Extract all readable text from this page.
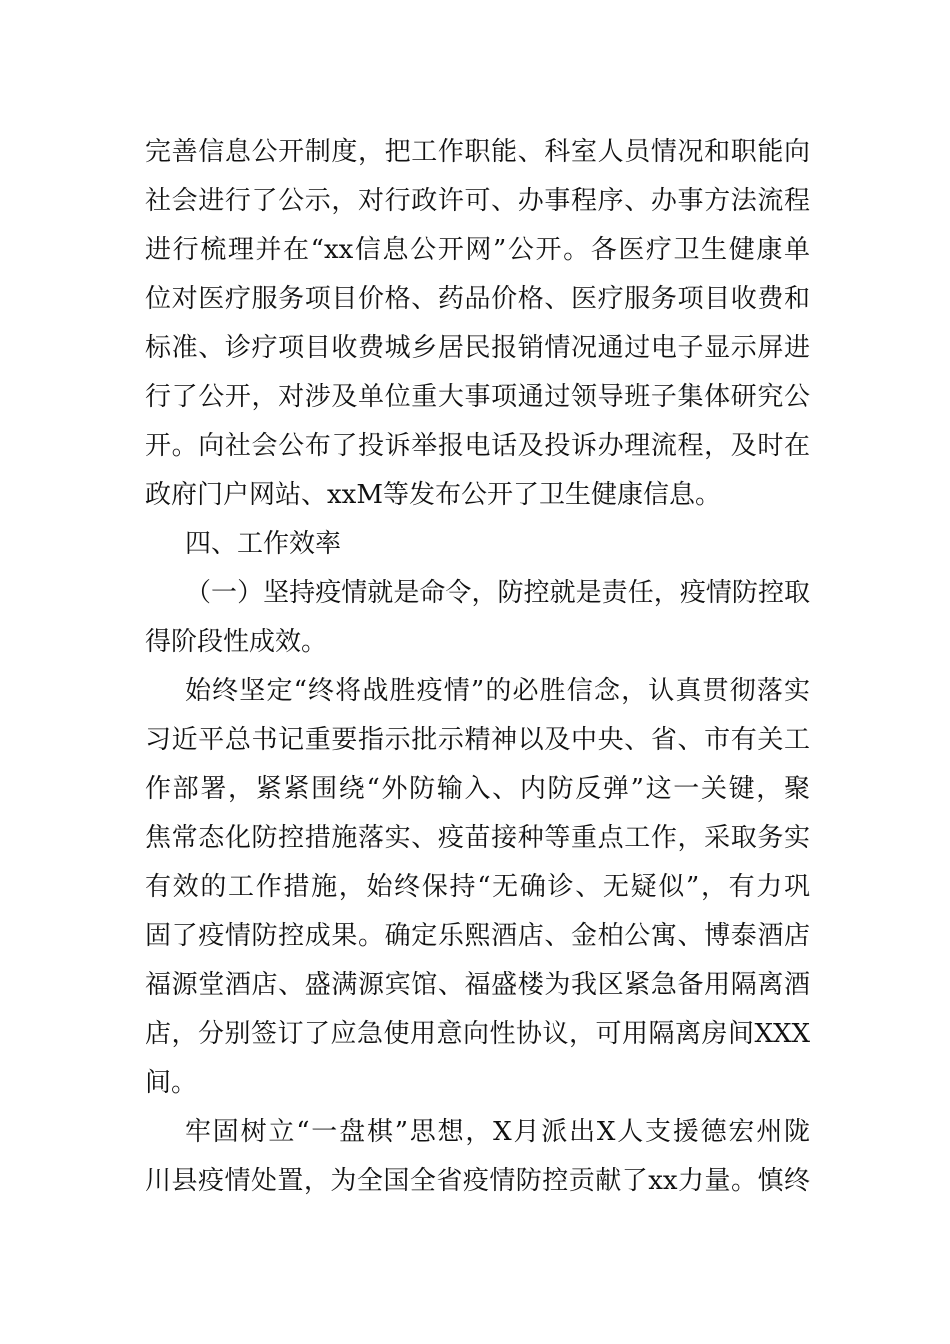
完善信息公开制度，把工作职能、科室人员情况和职能向
社会进行了公示，对行政许可、办事程序、办事方法流程
进行梳理并在“xx信息公开网”公开。各医疗卫生健康单
位对医疗服务项目价格、药品价格、医疗服务项目收费和
标准、诊疗项目收费城乡居民报销情况通过电子显示屏进
行了公开，对涉及单位重大事项通过领导班子集体研究公
开。向社会公布了投诉举报电话及投诉办理流程，及时在
政府门户网站、xxM等发布公开了卫生健康信息。
四、工作效率
（一）坚持疫情就是命令，防控就是责任，疫情防控取
得阶段性成效。
始终坚定“终将战胜疫情”的必胜信念，认真贯彻落实
习近平总书记重要指示批示精神以及中央、省、市有关工
作部署，紧紧围绕“外防输入、内防反弹”这一关键，聚
焦常态化防控措施落实、疫苗接种等重点工作，采取务实
有效的工作措施，始终保持“无确诊、无疑似”，有力巩
固了疫情防控成果。确定乐熙酒店、金柏公寓、博泰酒店
福源堂酒店、盛满源宾馆、福盛楼为我区紧急备用隔离酒
店，分别签订了应急使用意向性协议，可用隔离房间XXX
间。
牢固树立“一盘棋”思想，X月派出X人支援德宏州陇
川县疫情处置，为全国全省疫情防控贡献了xx力量。慎终
